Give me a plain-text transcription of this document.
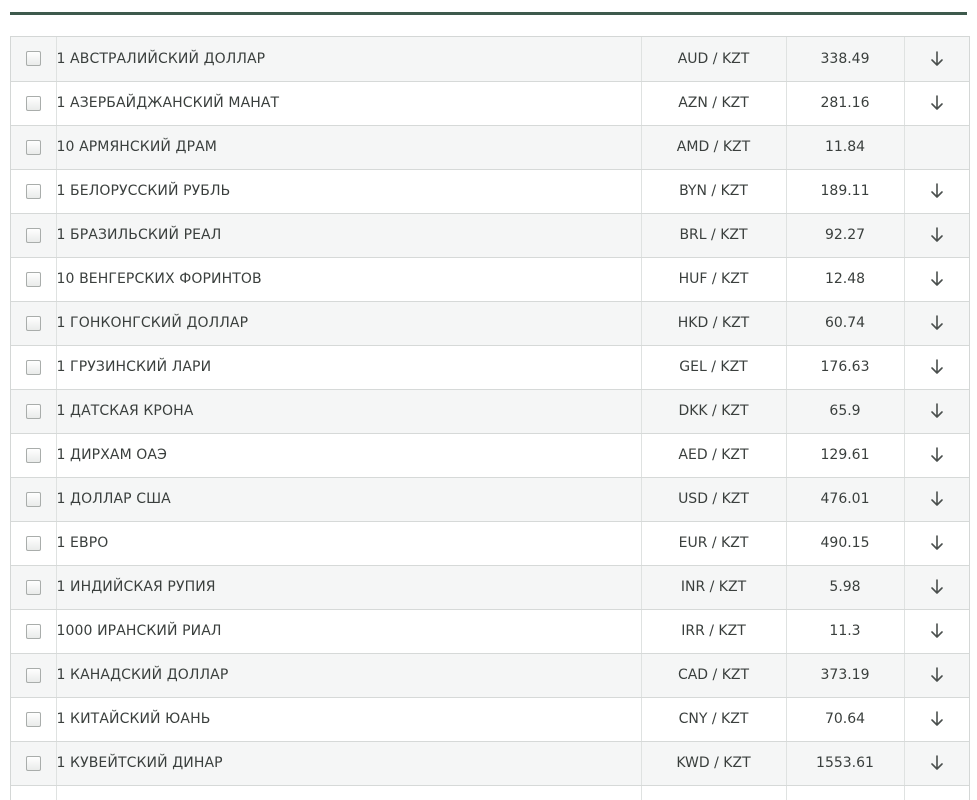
	1 АВСТРАЛИЙСКИЙ ДОЛЛАР	AUD / KZT	338.49	
	1 АЗЕРБАЙДЖАНСКИЙ МАНАТ	AZN / KZT	281.16	
	10 АРМЯНСКИЙ ДРАМ	AMD / KZT	11.84	
	1 БЕЛОРУССКИЙ РУБЛЬ	BYN / KZT	189.11	
	1 БРАЗИЛЬСКИЙ РЕАЛ	BRL / KZT	92.27	
	10 ВЕНГЕРСКИХ ФОРИНТОВ	HUF / KZT	12.48	
	1 ГОНКОНГСКИЙ ДОЛЛАР	HKD / KZT	60.74	
	1 ГРУЗИНСКИЙ ЛАРИ	GEL / KZT	176.63	
	1 ДАТСКАЯ КРОНА	DKK / KZT	65.9	
	1 ДИРХАМ ОАЭ	AED / KZT	129.61	
	1 ДОЛЛАР США	USD / KZT	476.01	
	1 ЕВРО	EUR / KZT	490.15	
	1 ИНДИЙСКАЯ РУПИЯ	INR / KZT	5.98	
	1000 ИРАНСКИЙ РИАЛ	IRR / KZT	11.3	
	1 КАНАДСКИЙ ДОЛЛАР	CAD / KZT	373.19	
	1 КИТАЙСКИЙ ЮАНЬ	CNY / KZT	70.64	
	1 КУВЕЙТСКИЙ ДИНАР	KWD / KZT	1553.61	
